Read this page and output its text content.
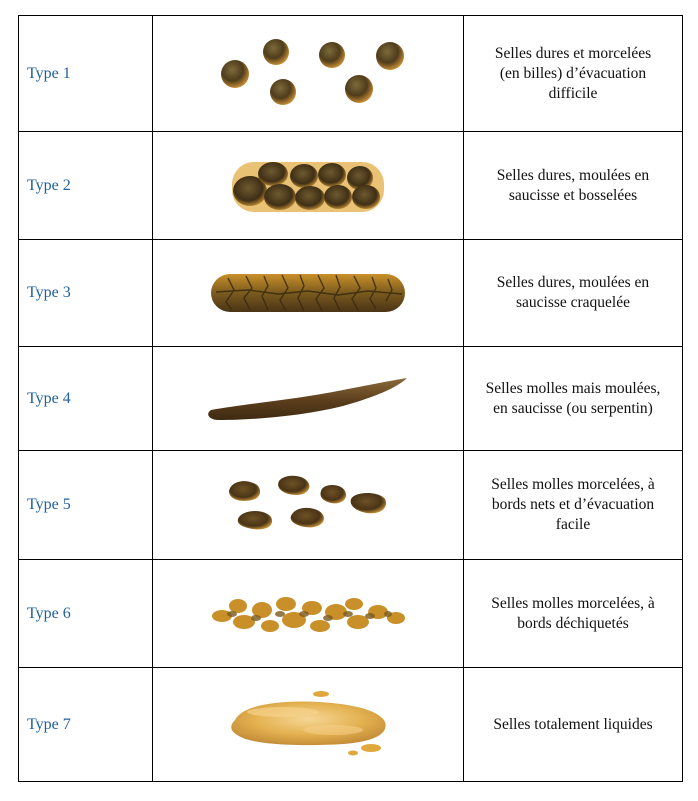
Type 1		Selles dures et morcelées
(en billes) d’évacuation
difficile

Type 2		Selles dures, moulées en
saucisse et bosselées

Type 3		Selles dures, moulées en
saucisse craquelée

Type 4		Selles molles mais moulées,
en saucisse (ou serpentin)

Type 5		Selles molles morcelées, à
bords nets et d’évacuation
facile

Type 6		Selles molles morcelées, à
bords déchiquetés

Type 7		Selles totalement liquides
